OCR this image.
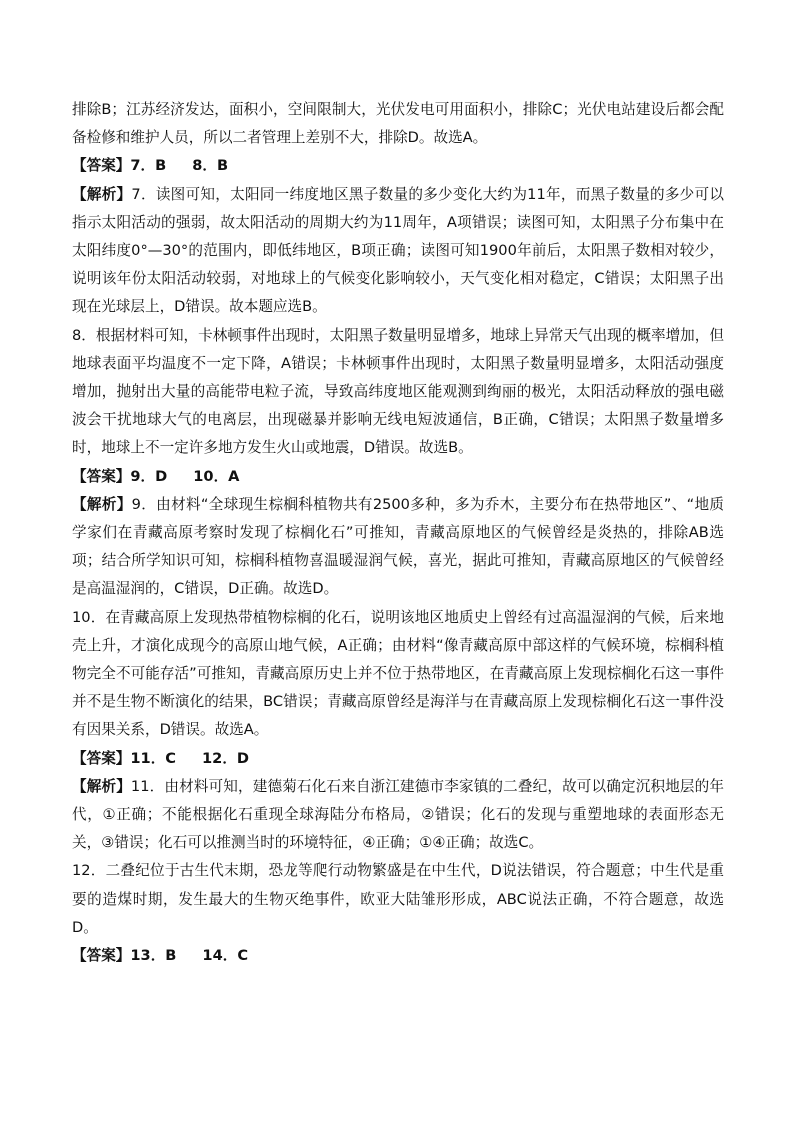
排除B；江苏经济发达，面积小，空间限制大，光伏发电可用面积小，排除C；光伏电站建设后都会配备检修和维护人员，所以二者管理上差别不大，排除D。故选A。

【答案】7．B 8．B

【解析】7．读图可知，太阳同一纬度地区黑子数量的多少变化大约为11年，而黑子数量的多少可以指示太阳活动的强弱，故太阳活动的周期大约为11周年，A项错误；读图可知，太阳黑子分布集中在太阳纬度0°—30°的范围内，即低纬地区，B项正确；读图可知1900年前后，太阳黑子数相对较少，说明该年份太阳活动较弱，对地球上的气候变化影响较小，天气变化相对稳定，C错误；太阳黑子出现在光球层上，D错误。故本题应选B。

8．根据材料可知，卡林顿事件出现时，太阳黑子数量明显增多，地球上异常天气出现的概率增加，但地球表面平均温度不一定下降，A错误；卡林顿事件出现时，太阳黑子数量明显增多，太阳活动强度增加，抛射出大量的高能带电粒子流，导致高纬度地区能观测到绚丽的极光，太阳活动释放的强电磁波会干扰地球大气的电离层，出现磁暴并影响无线电短波通信，B正确，C错误；太阳黑子数量增多时，地球上不一定许多地方发生火山或地震，D错误。故选B。

【答案】9．D 10．A

【解析】9．由材料“全球现生棕榈科植物共有2500多种，多为乔木，主要分布在热带地区”、“地质学家们在青藏高原考察时发现了棕榈化石”可推知，青藏高原地区的气候曾经是炎热的，排除AB选项；结合所学知识可知，棕榈科植物喜温暖湿润气候，喜光，据此可推知，青藏高原地区的气候曾经是高温湿润的，C错误，D正确。故选D。

10．在青藏高原上发现热带植物棕榈的化石，说明该地区地质史上曾经有过高温湿润的气候，后来地壳上升，才演化成现今的高原山地气候，A正确；由材料“像青藏高原中部这样的气候环境，棕榈科植物完全不可能存活”可推知，青藏高原历史上并不位于热带地区，在青藏高原上发现棕榈化石这一事件并不是生物不断演化的结果，BC错误；青藏高原曾经是海洋与在青藏高原上发现棕榈化石这一事件没有因果关系，D错误。故选A。

【答案】11．C 12．D

【解析】11．由材料可知，建德菊石化石来自浙江建德市李家镇的二叠纪，故可以确定沉积地层的年代，①正确；不能根据化石重现全球海陆分布格局，②错误；化石的发现与重塑地球的表面形态无关，③错误；化石可以推测当时的环境特征，④正确；①④正确；故选C。

12．二叠纪位于古生代末期，恐龙等爬行动物繁盛是在中生代，D说法错误，符合题意；中生代是重要的造煤时期，发生最大的生物灭绝事件，欧亚大陆雏形形成，ABC说法正确，不符合题意，故选D。

【答案】13．B 14．C
